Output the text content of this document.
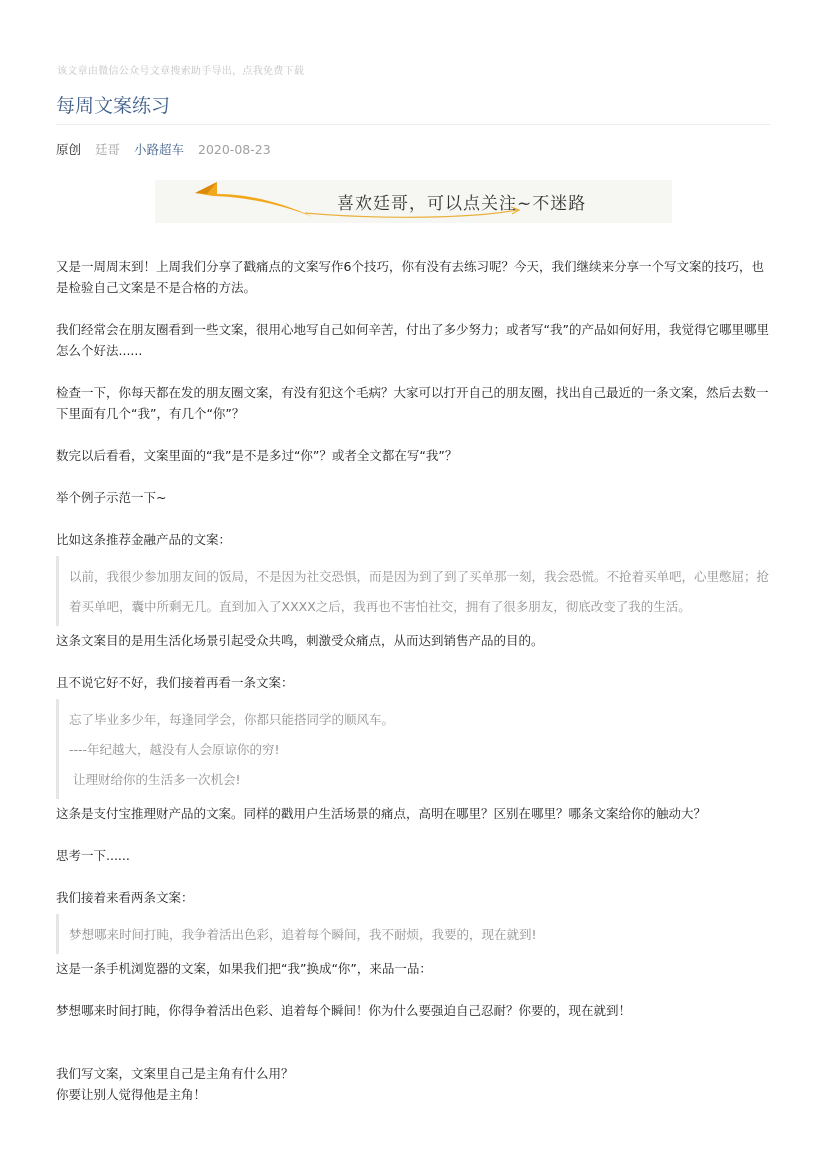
该文章由微信公众号文章搜索助手导出，点我免费下载
每周文案练习
原创 廷哥 小路超车 2020-08-23
喜欢廷哥，可以点关注~不迷路

又是一周周末到！上周我们分享了戳痛点的文案写作6个技巧，你有没有去练习呢？今天，我们继续来分享一个写文案的技巧，也是检验自己文案是不是合格的方法。

我们经常会在朋友圈看到一些文案，很用心地写自己如何辛苦，付出了多少努力；或者写“我”的产品如何好用，我觉得它哪里哪里怎么个好法......

检查一下，你每天都在发的朋友圈文案，有没有犯这个毛病？大家可以打开自己的朋友圈，找出自己最近的一条文案，然后去数一下里面有几个“我”，有几个“你”？

数完以后看看，文案里面的“我”是不是多过“你”？或者全文都在写“我”？

举个例子示范一下~

比如这条推荐金融产品的文案：

以前，我很少参加朋友间的饭局，不是因为社交恐惧，而是因为到了到了买单那一刻，我会恐慌。不抢着买单吧，心里憋屈；抢着买单吧，囊中所剩无几。直到加入了XXXX之后，我再也不害怕社交，拥有了很多朋友，彻底改变了我的生活。

这条文案目的是用生活化场景引起受众共鸣，刺激受众痛点，从而达到销售产品的目的。

且不说它好不好，我们接着再看一条文案：

忘了毕业多少年，每逢同学会，你都只能搭同学的顺风车。

----年纪越大，越没有人会原谅你的穷!

让理财给你的生活多一次机会!

这条是支付宝推理财产品的文案。同样的戳用户生活场景的痛点，高明在哪里？区别在哪里？哪条文案给你的触动大？

思考一下......

我们接着来看两条文案：

梦想哪来时间打盹，我争着活出色彩，追着每个瞬间，我不耐烦，我要的，现在就到!

这是一条手机浏览器的文案，如果我们把“我”换成“你”，来品一品：

梦想哪来时间打盹，你得争着活出色彩、追着每个瞬间！你为什么要强迫自己忍耐？你要的，现在就到！

我们写文案，文案里自己是主角有什么用？

你要让别人觉得他是主角！
